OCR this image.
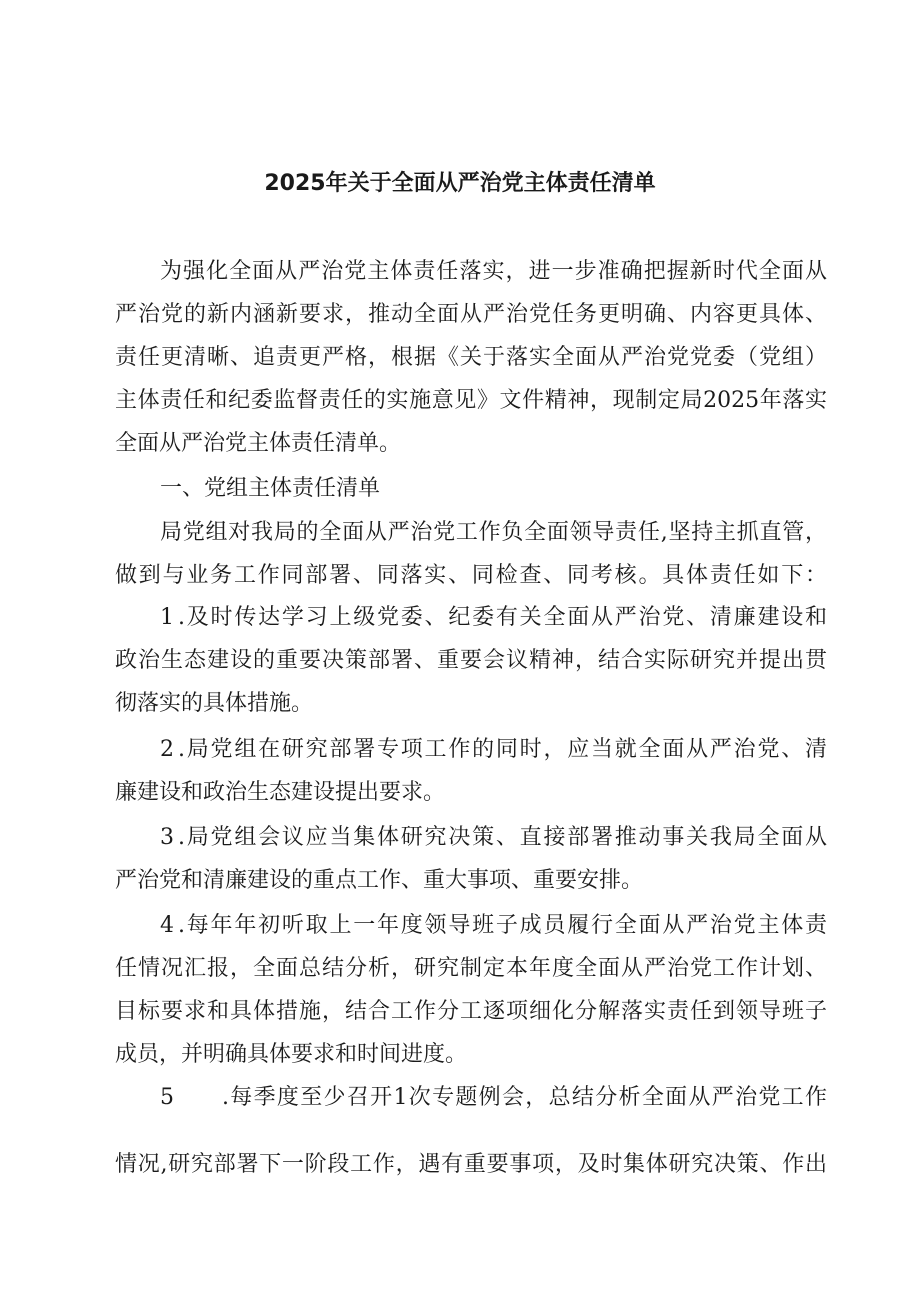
2025年关于全面从严治党主体责任清单
为强化全面从严治党主体责任落实，进一步准确把握新时代全面从
严治党的新内涵新要求，推动全面从严治党任务更明确、内容更具体、
责任更清晰、追责更严格，根据《关于落实全面从严治党党委（党组）
主体责任和纪委监督责任的实施意见》文件精神，现制定局2025年落实
全面从严治党主体责任清单。
一、党组主体责任清单
局党组对我局的全面从严治党工作负全面领导责任,坚持主抓直管，
做到与业务工作同部署、同落实、同检查、同考核。具体责任如下：
1 .及时传达学习上级党委、纪委有关全面从严治党、清廉建设和
政治生态建设的重要决策部署、重要会议精神，结合实际研究并提出贯
彻落实的具体措施。
2 .局党组在研究部署专项工作的同时，应当就全面从严治党、清
廉建设和政治生态建设提出要求。
3 .局党组会议应当集体研究决策、直接部署推动事关我局全面从
严治党和清廉建设的重点工作、重大事项、重要安排。
4 .每年年初听取上一年度领导班子成员履行全面从严治党主体责
任情况汇报，全面总结分析，研究制定本年度全面从严治党工作计划、
目标要求和具体措施，结合工作分工逐项细化分解落实责任到领导班子
成员，并明确具体要求和时间进度。
5 .每季度至少召开1次专题例会，总结分析全面从严治党工作
情况,研究部署下一阶段工作，遇有重要事项，及时集体研究决策、作出
